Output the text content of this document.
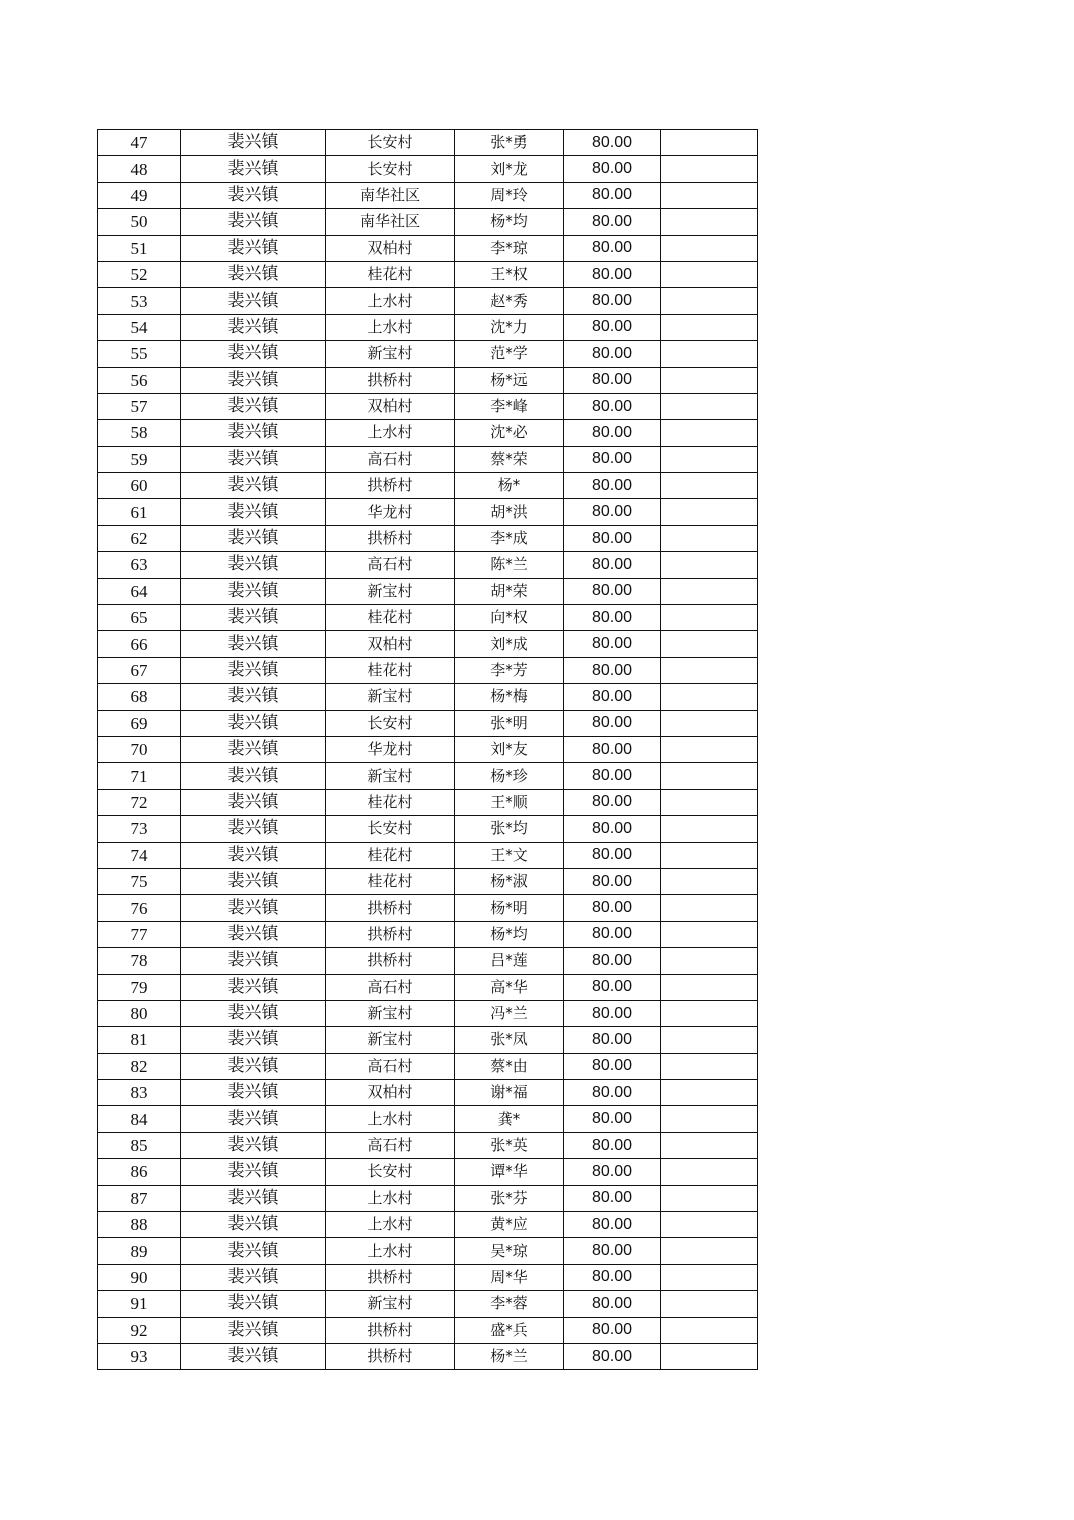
47	裴兴镇	长安村	张*勇	80.00	
48	裴兴镇	长安村	刘*龙	80.00	
49	裴兴镇	南华社区	周*玲	80.00	
50	裴兴镇	南华社区	杨*均	80.00	
51	裴兴镇	双柏村	李*琼	80.00	
52	裴兴镇	桂花村	王*权	80.00	
53	裴兴镇	上水村	赵*秀	80.00	
54	裴兴镇	上水村	沈*力	80.00	
55	裴兴镇	新宝村	范*学	80.00	
56	裴兴镇	拱桥村	杨*远	80.00	
57	裴兴镇	双柏村	李*峰	80.00	
58	裴兴镇	上水村	沈*必	80.00	
59	裴兴镇	高石村	蔡*荣	80.00	
60	裴兴镇	拱桥村	杨*	80.00	
61	裴兴镇	华龙村	胡*洪	80.00	
62	裴兴镇	拱桥村	李*成	80.00	
63	裴兴镇	高石村	陈*兰	80.00	
64	裴兴镇	新宝村	胡*荣	80.00	
65	裴兴镇	桂花村	向*权	80.00	
66	裴兴镇	双柏村	刘*成	80.00	
67	裴兴镇	桂花村	李*芳	80.00	
68	裴兴镇	新宝村	杨*梅	80.00	
69	裴兴镇	长安村	张*明	80.00	
70	裴兴镇	华龙村	刘*友	80.00	
71	裴兴镇	新宝村	杨*珍	80.00	
72	裴兴镇	桂花村	王*顺	80.00	
73	裴兴镇	长安村	张*均	80.00	
74	裴兴镇	桂花村	王*文	80.00	
75	裴兴镇	桂花村	杨*淑	80.00	
76	裴兴镇	拱桥村	杨*明	80.00	
77	裴兴镇	拱桥村	杨*均	80.00	
78	裴兴镇	拱桥村	吕*莲	80.00	
79	裴兴镇	高石村	高*华	80.00	
80	裴兴镇	新宝村	冯*兰	80.00	
81	裴兴镇	新宝村	张*凤	80.00	
82	裴兴镇	高石村	蔡*由	80.00	
83	裴兴镇	双柏村	谢*福	80.00	
84	裴兴镇	上水村	龚*	80.00	
85	裴兴镇	高石村	张*英	80.00	
86	裴兴镇	长安村	谭*华	80.00	
87	裴兴镇	上水村	张*芬	80.00	
88	裴兴镇	上水村	黄*应	80.00	
89	裴兴镇	上水村	吴*琼	80.00	
90	裴兴镇	拱桥村	周*华	80.00	
91	裴兴镇	新宝村	李*蓉	80.00	
92	裴兴镇	拱桥村	盛*兵	80.00	
93	裴兴镇	拱桥村	杨*兰	80.00	
